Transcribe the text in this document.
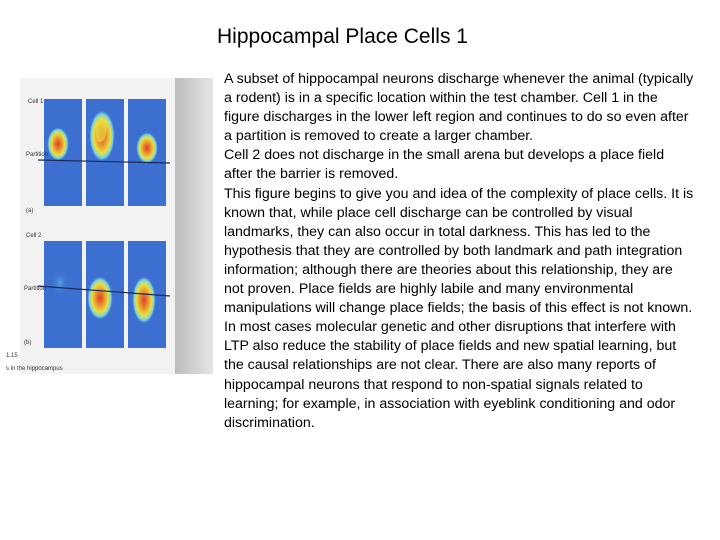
Hippocampal Place Cells 1
Cell 1
Partition
(a)
Cell 2
Partition
(b)
1.15
s in the hippocampus

A subset of hippocampal neurons discharge whenever the animal (typically a rodent) is in a specific location within the test chamber. Cell 1 in the figure discharges in the lower left region and continues to do so even after a partition is removed to create a larger chamber.

Cell 2 does not discharge in the small arena but develops a place field after the barrier is removed.

This figure begins to give you and idea of the complexity of place cells. It is known that, while place cell discharge can be controlled by visual landmarks, they can also occur in total darkness. This has led to the hypothesis that they are controlled by both landmark and path integration information; although there are theories about this relationship, they are not proven. Place fields are highly labile and many environmental manipulations will change place fields; the basis of this effect is not known.

In most cases molecular genetic and other disruptions that interfere with LTP also reduce the stability of place fields and new spatial learning, but the causal relationships are not clear. There are also many reports of hippocampal neurons that respond to non-spatial signals related to learning; for example, in association with eyeblink conditioning and odor discrimination.
